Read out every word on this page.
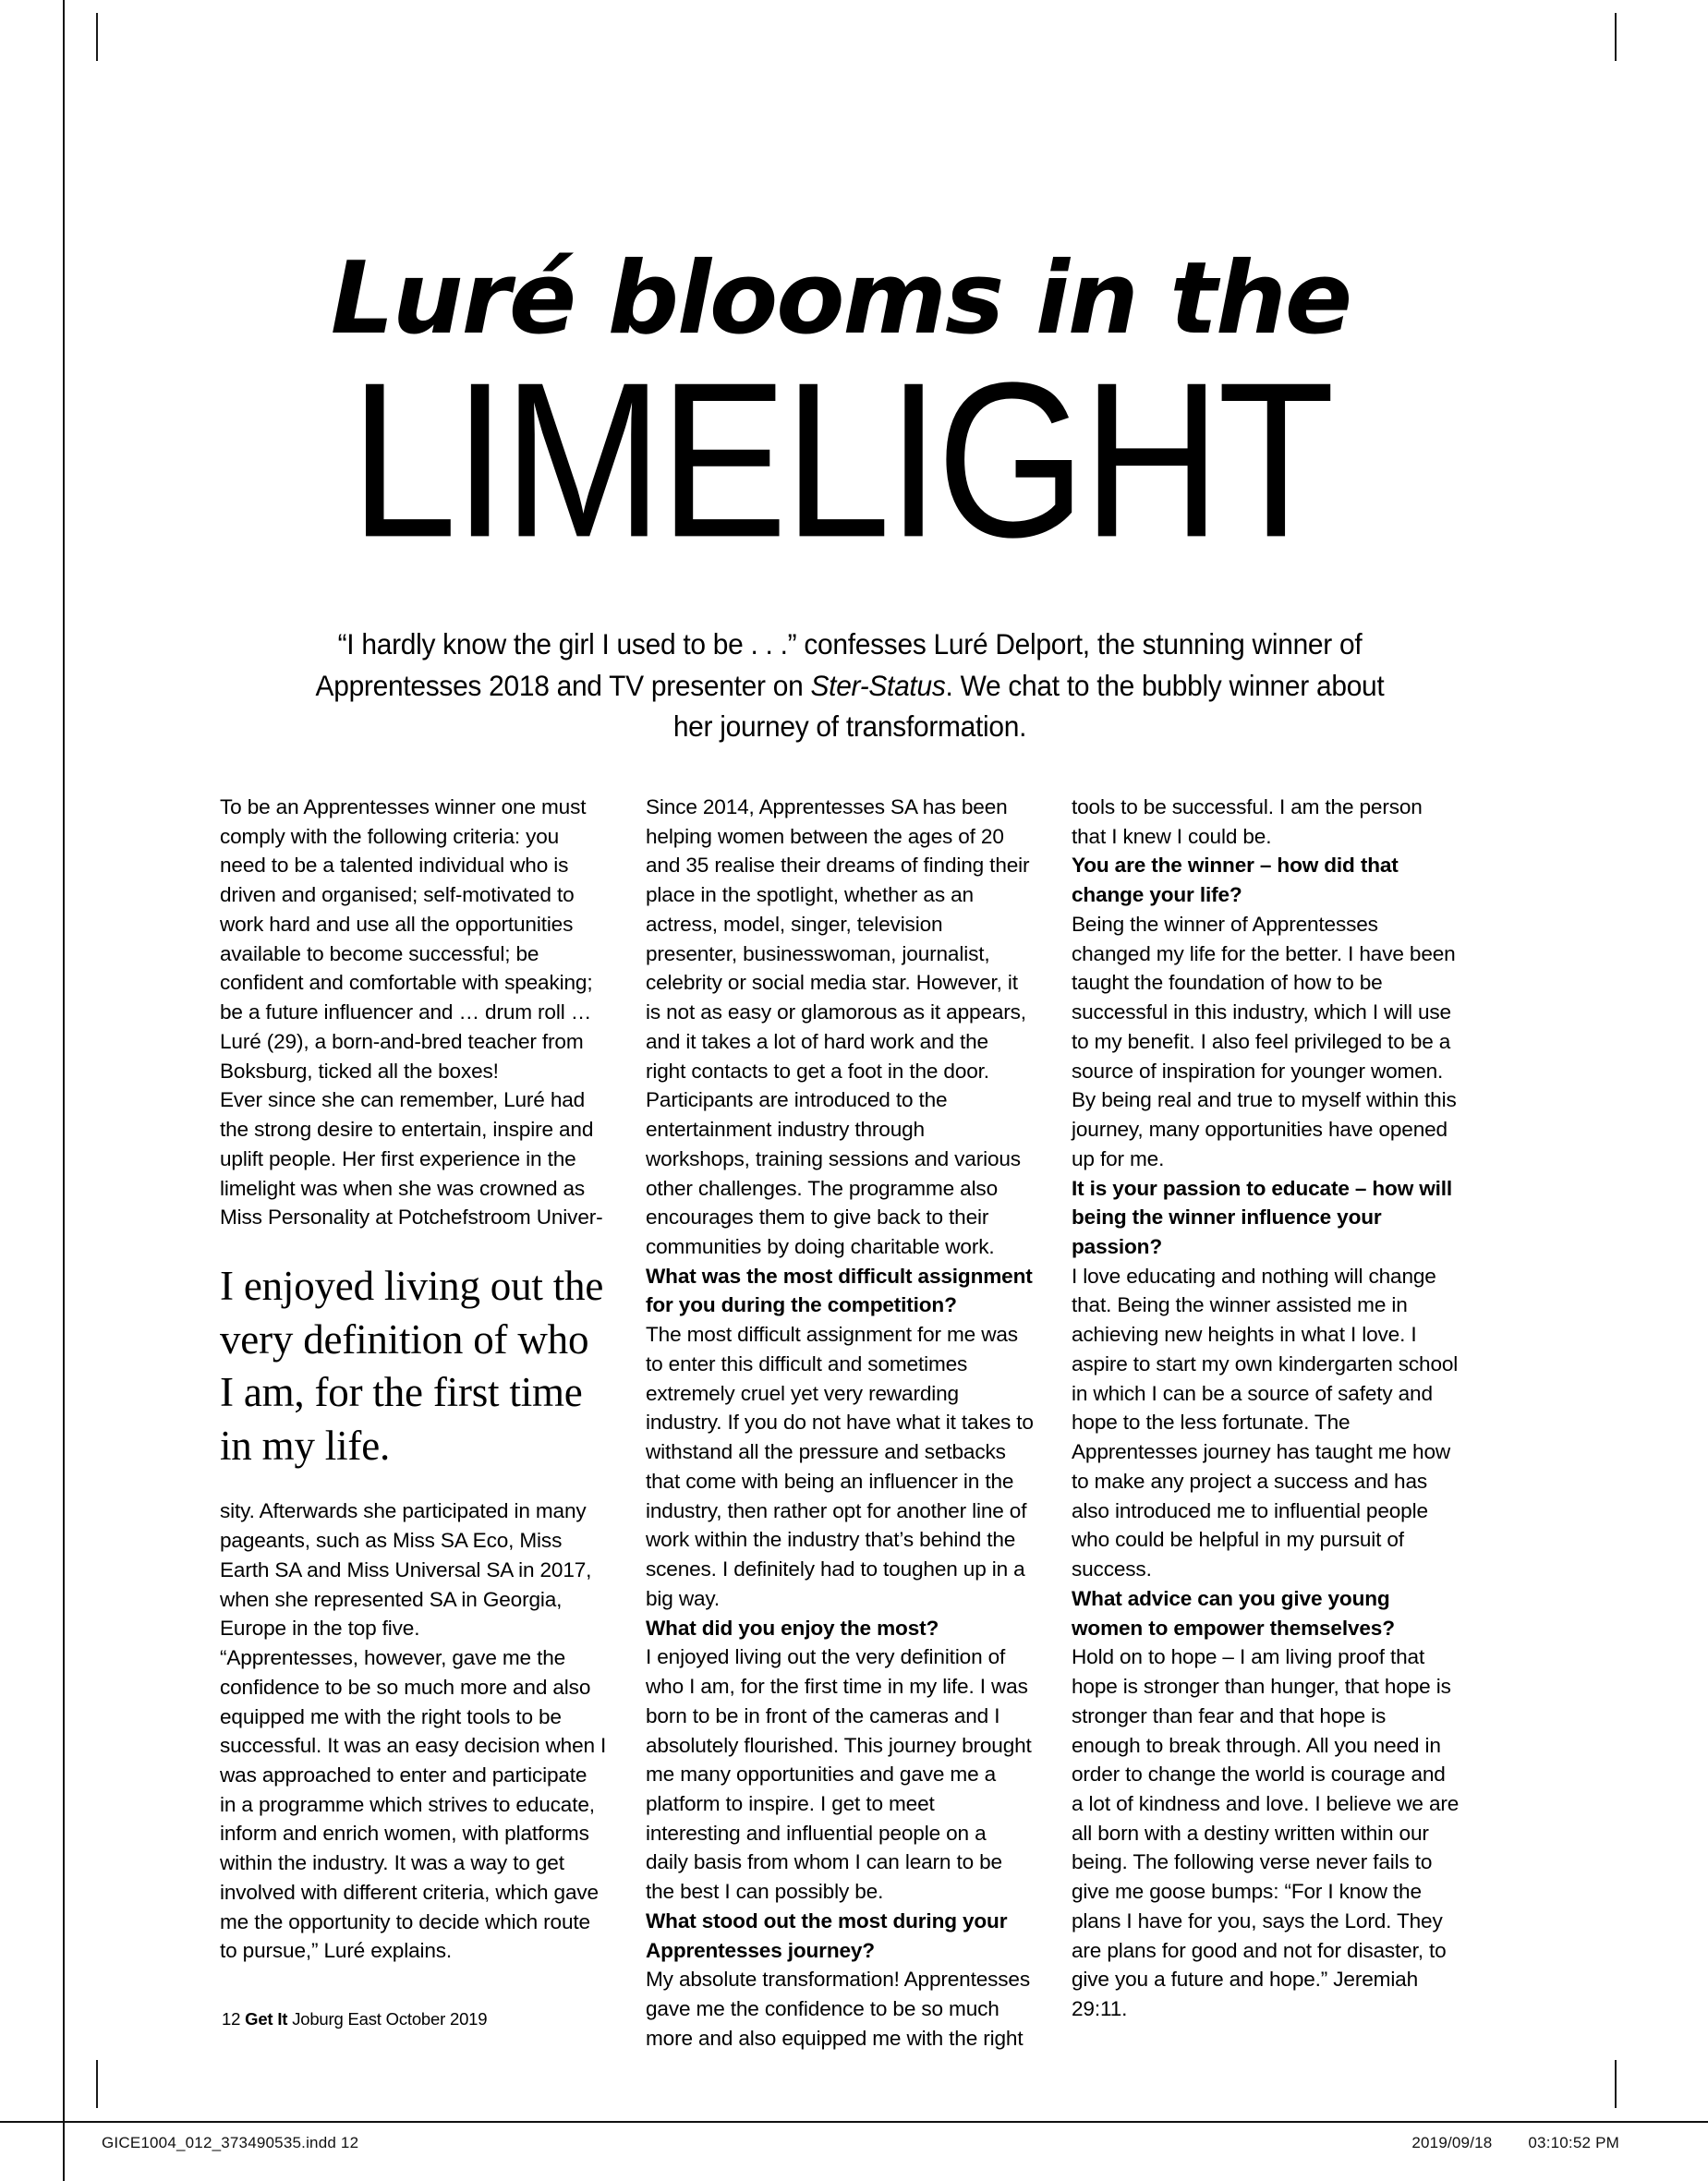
Luré blooms in the
LIMELIGHT
“I hardly know the girl I used to be . . .” confesses Luré Delport, the stunning winner of Apprentesses 2018 and TV presenter on Ster-Status. We chat to the bubbly winner about her journey of transformation.

To be an Apprentesses winner one must comply with the following criteria: you need to be a talented individual who is driven and organised; self-motivated to work hard and use all the opportunities available to become successful; be confident and comfortable with speaking; be a future influencer and … drum roll … Luré (29), a born-and-bred teacher from Boksburg, ticked all the boxes!

Ever since she can remember, Luré had the strong desire to entertain, inspire and uplift people. Her first experience in the limelight was when she was crowned as Miss Personality at Potchefstroom Univer-

I enjoyed living out the very definition of who I am, for the first time in my life.

sity. Afterwards she participated in many pageants, such as Miss SA Eco, Miss Earth SA and Miss Universal SA in 2017, when she represented SA in Georgia, Europe in the top five.

“Apprentesses, however, gave me the confidence to be so much more and also equipped me with the right tools to be successful. It was an easy decision when I was approached to enter and participate in a programme which strives to educate, inform and enrich women, with platforms within the industry. It was a way to get involved with different criteria, which gave me the opportunity to decide which route to pursue,” Luré explains.

Since 2014, Apprentesses SA has been helping women between the ages of 20 and 35 realise their dreams of finding their place in the spotlight, whether as an actress, model, singer, television presenter, businesswoman, journalist, celebrity or social media star. However, it is not as easy or glamorous as it appears, and it takes a lot of hard work and the right contacts to get a foot in the door. Participants are introduced to the entertainment industry through workshops, training sessions and various other challenges. The programme also encourages them to give back to their communities by doing charitable work.

What was the most difficult assignment for you during the competition?

The most difficult assignment for me was to enter this difficult and sometimes extremely cruel yet very rewarding industry. If you do not have what it takes to withstand all the pressure and setbacks that come with being an influencer in the industry, then rather opt for another line of work within the industry that’s behind the scenes. I definitely had to toughen up in a big way.

What did you enjoy the most?

I enjoyed living out the very definition of who I am, for the first time in my life. I was born to be in front of the cameras and I absolutely flourished. This journey brought me many opportunities and gave me a platform to inspire. I get to meet interesting and influential people on a daily basis from whom I can learn to be the best I can possibly be.

What stood out the most during your Apprentesses journey?

My absolute transformation! Apprentesses gave me the confidence to be so much more and also equipped me with the right

tools to be successful. I am the person that I knew I could be.

You are the winner – how did that change your life?

Being the winner of Apprentesses changed my life for the better. I have been taught the foundation of how to be successful in this industry, which I will use to my benefit. I also feel privileged to be a source of inspiration for younger women. By being real and true to myself within this journey, many opportunities have opened up for me.

It is your passion to educate – how will being the winner influence your passion?

I love educating and nothing will change that. Being the winner assisted me in achieving new heights in what I love. I aspire to start my own kindergarten school in which I can be a source of safety and hope to the less fortunate. The Apprentesses journey has taught me how to make any project a success and has also introduced me to influential people who could be helpful in my pursuit of success.

What advice can you give young women to empower themselves?

Hold on to hope – I am living proof that hope is stronger than hunger, that hope is stronger than fear and that hope is enough to break through. All you need in order to change the world is courage and a lot of kindness and love. I believe we are all born with a destiny written within our being. The following verse never fails to give me goose bumps: “For I know the plans I have for you, says the Lord. They are plans for good and not for disaster, to give you a future and hope.” Jeremiah 29:11.

12 Get It Joburg East October 2019
GICE1004_012_373490535.indd 12	2019/09/18 03:10:52 PM
